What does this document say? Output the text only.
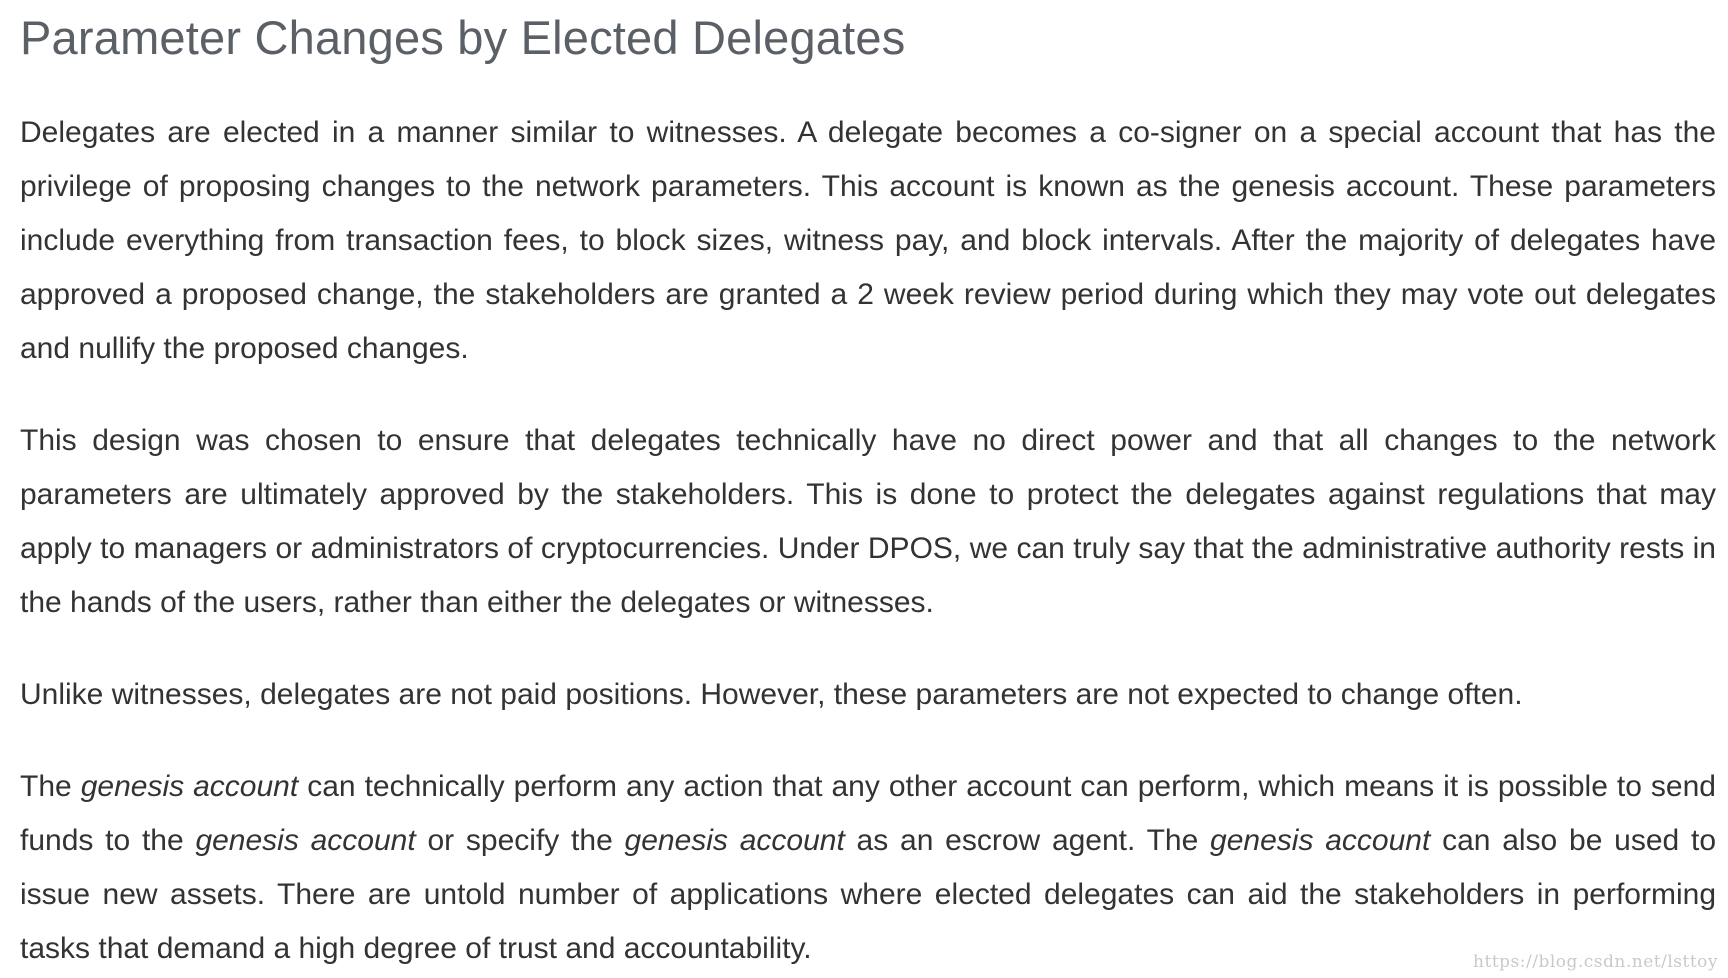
Parameter Changes by Elected Delegates

Delegates are elected in a manner similar to witnesses. A delegate becomes a co-signer on a special account that has the privilege of proposing changes to the network parameters. This account is known as the genesis account. These parameters include everything from transaction fees, to block sizes, witness pay, and block intervals. After the majority of delegates have approved a proposed change, the stakeholders are granted a 2 week review period during which they may vote out delegates and nullify the proposed changes.

This design was chosen to ensure that delegates technically have no direct power and that all changes to the network parameters are ultimately approved by the stakeholders. This is done to protect the delegates against regulations that may apply to managers or administrators of cryptocurrencies. Under DPOS, we can truly say that the administrative authority rests in the hands of the users, rather than either the delegates or witnesses.

Unlike witnesses, delegates are not paid positions. However, these parameters are not expected to change often.

The genesis account can technically perform any action that any other account can perform, which means it is possible to send funds to the genesis account or specify the genesis account as an escrow agent. The genesis account can also be used to issue new assets. There are untold number of applications where elected delegates can aid the stakeholders in performing tasks that demand a high degree of trust and accountability.	https://blog.csdn.net/lsttoy
